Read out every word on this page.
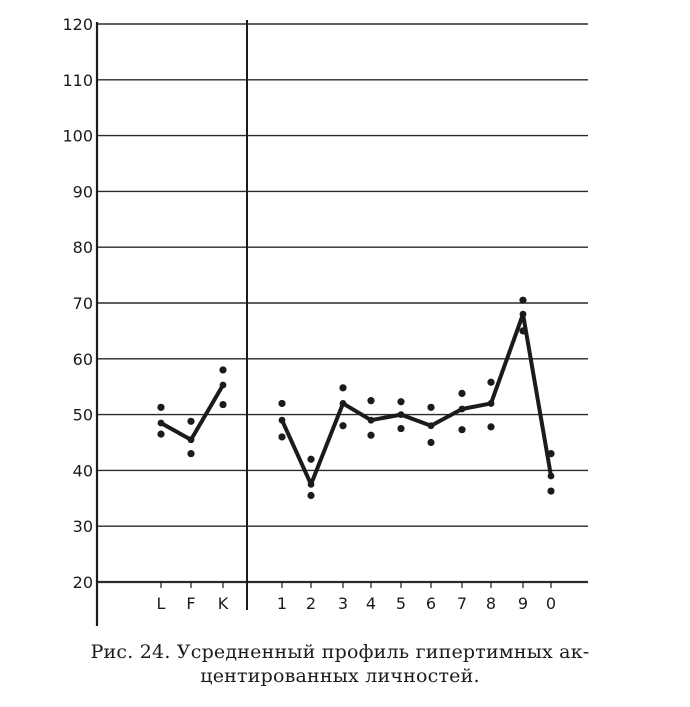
20
30
40
50
60
70
80
90
100
110
120
L F K	1 2 3 4 5 6 7 8 9 0
Рис. 24. Усредненный профиль гипертимных ак-
центированных личностей.
